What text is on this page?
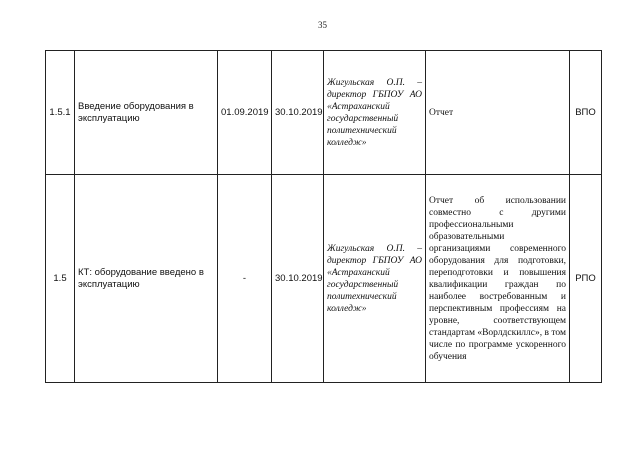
35
1.5.1	Введение оборудования в эксплуатацию	01.09.2019	30.10.2019	Жигульская О.П. – директор ГБПОУ АО «Астраханский государственный политехнический колледж»	Отчет	ВПО
1.5	КТ: оборудование введено в эксплуатацию	-	30.10.2019	Жигульская О.П. – директор ГБПОУ АО «Астраханский государственный политехнический колледж»	Отчет об использовании совместно с другими профессиональными образовательными организациями современного оборудования для подготовки, переподготовки и повышения квалификации граждан по наиболее востребованным и перспективным профессиям на уровне, соответствующем стандартам «Ворлдскиллс», в том числе по программе ускоренного обучения	РПО
